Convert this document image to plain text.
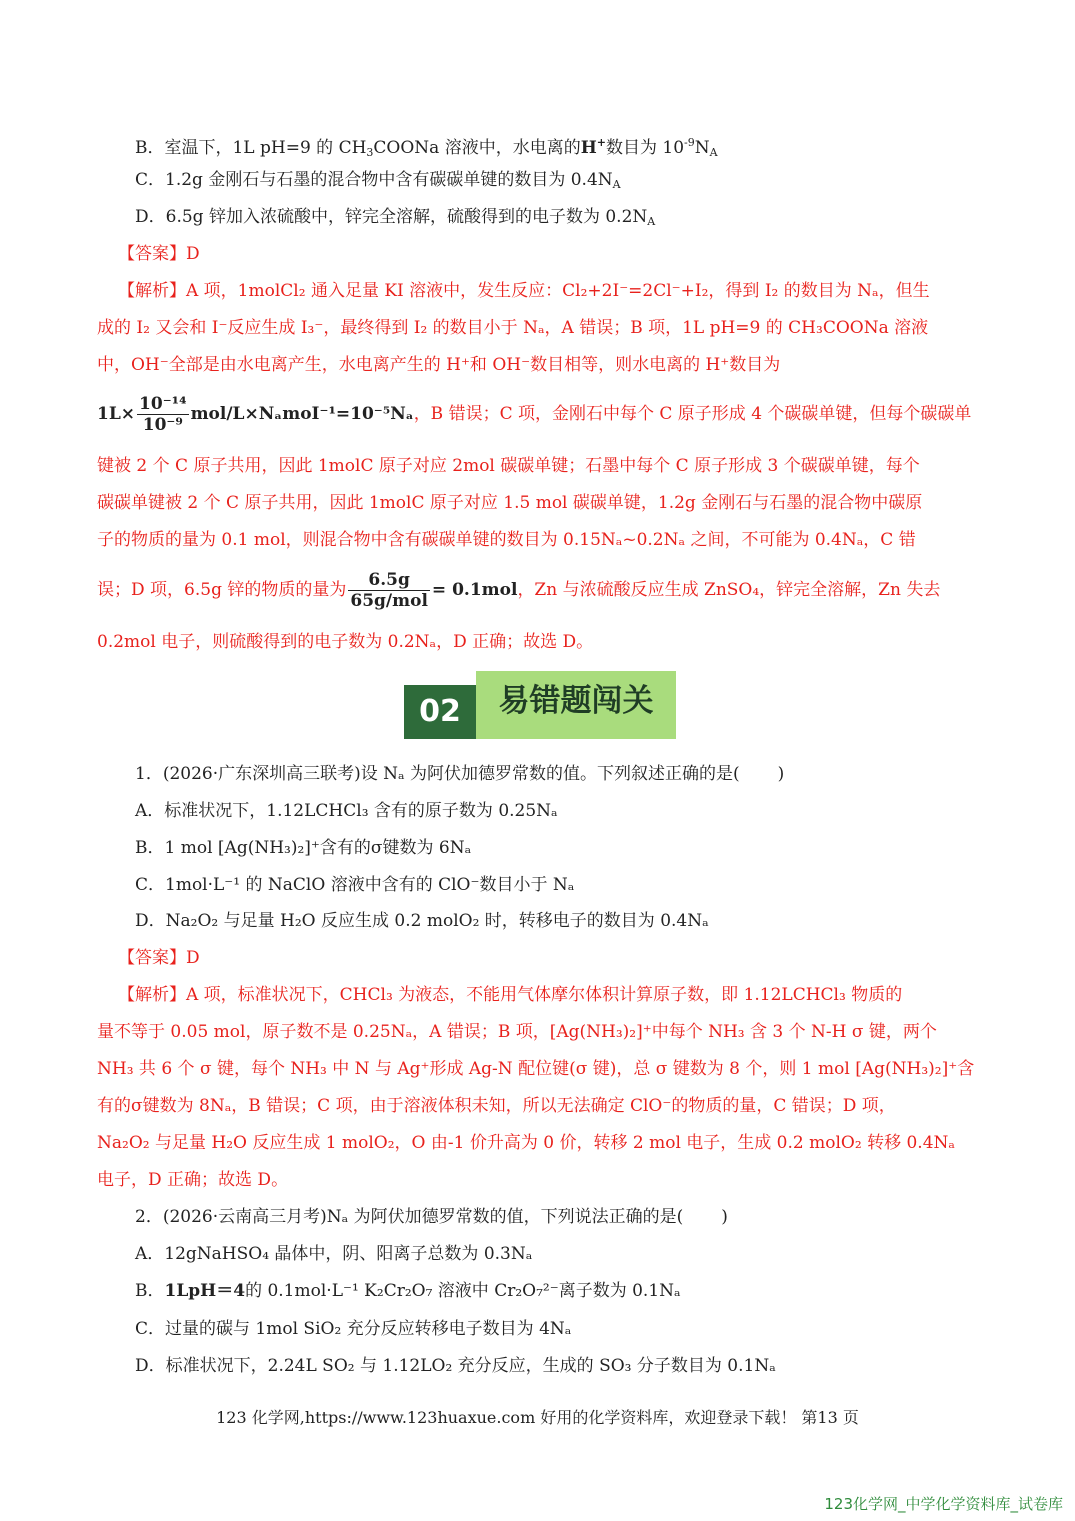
B．室温下，1L pH=9 的 $CH_3COONa$ 溶液中，水电离的H+数目为 $10^{-9}N_A$
C．1.2g 金刚石与石墨的混合物中含有碳碳单键的数目为 $0.4N_A$
D．6.5g 锌加入浓硫酸中，锌完全溶解，硫酸得到的电子数为 $0.2N_A$
【答案】D
【解析】A 项，1molCl₂ 通入足量 KI 溶液中，发生反应：Cl₂+2I⁻=2Cl⁻+I₂，得到 I₂ 的数目为 Nₐ，但生
成的 I₂ 又会和 I⁻反应生成 I₃⁻，最终得到 I₂ 的数目小于 Nₐ，A 错误；B 项，1L pH=9 的 CH₃COONa 溶液
中，OH⁻全部是由水电离产生，水电离产生的 H⁺和 OH⁻数目相等，则水电离的 H⁺数目为
$1L\times \frac{\text{10⁻¹⁴}}{\text{10⁻⁹}} mol/L\times N_amoI^{-1}=10^{-5}N_a$，B 错误；C 项，金刚石中每个 C 原子形成 4 个碳碳单键，但每个碳碳单
键被 2 个 C 原子共用，因此 1molC 原子对应 2mol 碳碳单键；石墨中每个 C 原子形成 3 个碳碳单键，每个
碳碳单键被 2 个 C 原子共用，因此 1molC 原子对应 1.5 mol 碳碳单键，1.2g 金刚石与石墨的混合物中碳原
子的物质的量为 0.1 mol，则混合物中含有碳碳单键的数目为 0.15Nₐ~0.2Nₐ 之间，不可能为 0.4Nₐ，C 错
误；D 项，6.5g 锌的物质的量为 $\frac{6.5g}{\text{65g/mol}} = 0.1mol$，Zn 与浓硫酸反应生成 ZnSO₄，锌完全溶解，Zn 失去
0.2mol 电子，则硫酸得到的电子数为 0.2Nₐ，D 正确；故选 D。
易错题闯关
02
1．(2026·广东深圳高三联考)设 Nₐ 为阿伏加德罗常数的值。下列叙述正确的是( )
A．标准状况下，1.12LCHCl₃ 含有的原子数为 0.25Nₐ
B．1 mol [Ag(NH₃)₂]⁺含有的σ键数为 6Nₐ
C．1mol·L⁻¹ 的 NaClO 溶液中含有的 ClO⁻数目小于 Nₐ
D．Na₂O₂ 与足量 H₂O 反应生成 0.2 molO₂ 时，转移电子的数目为 0.4Nₐ
【答案】D
【解析】A 项，标准状况下，CHCl₃ 为液态，不能用气体摩尔体积计算原子数，即 1.12LCHCl₃ 物质的
量不等于 0.05 mol，原子数不是 0.25Nₐ，A 错误；B 项，[Ag(NH₃)₂]⁺中每个 NH₃ 含 3 个 N-H σ 键，两个
NH₃ 共 6 个 σ 键，每个 NH₃ 中 N 与 Ag⁺形成 Ag-N 配位键(σ 键)，总 σ 键数为 8 个，则 1 mol [Ag(NH₃)₂]⁺含
有的σ键数为 8Nₐ，B 错误；C 项，由于溶液体积未知，所以无法确定 ClO⁻的物质的量，C 错误；D 项，
Na₂O₂ 与足量 H₂O 反应生成 1 molO₂，O 由-1 价升高为 0 价，转移 2 mol 电子，生成 0.2 molO₂ 转移 0.4Nₐ
电子，D 正确；故选 D。
2．(2026·云南高三月考)Nₐ 为阿伏加德罗常数的值，下列说法正确的是( )
A．12gNaHSO₄ 晶体中，阴、阳离子总数为 0.3Nₐ
B．1LpH＝4的 0.1mol·L⁻¹ K₂Cr₂O₇ 溶液中 Cr₂O₇²⁻离子数为 0.1Nₐ
C．过量的碳与 1mol SiO₂ 充分反应转移电子数目为 4Nₐ
D．标准状况下，2.24L SO₂ 与 1.12LO₂ 充分反应，生成的 SO₃ 分子数目为 0.1Nₐ
123 化学网,https://www.123huaxue.com 好用的化学资料库，欢迎登录下载！ 第13 页
123化学网_中学化学资料库_试卷库
